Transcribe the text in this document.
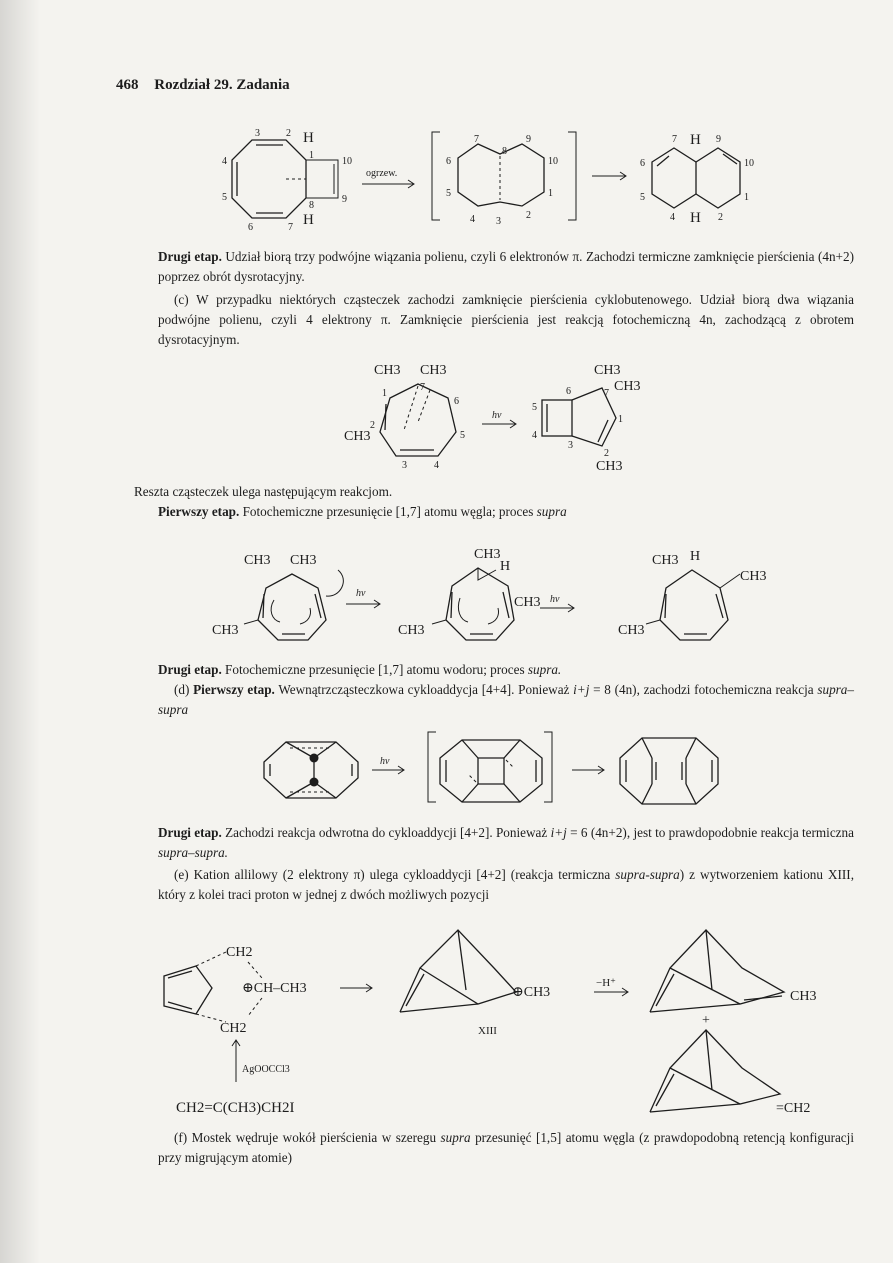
468 Rozdział 29. Zadania
3	2 H
1
10
4
5
6	7
8
9
H
ogrzew.
7	9
8
6	10
5	1
4 3
2
7	9
H
6	10
5	1
4 H 2
Drugi etap. Udział biorą trzy podwójne wiązania polienu, czyli 6 elektronów π. Zachodzi termiczne zamknięcie pierścienia (4n+2) poprzez obrót dysrotacyjny.
(c) W przypadku niektórych cząsteczek zachodzi zamknięcie pierścienia cyklobutenowego. Udział biorą dwa wiązania podwójne polienu, czyli 4 elektrony π. Zamknięcie pierścienia jest reakcją fotochemiczną 4n, zachodzącą z obrotem dysrotacyjnym.
CH3 CH3
CH3
1
7
6
2
5
3	4
hν
CH3
CH3
CH3
6	7
5
1
4
3
2
Reszta cząsteczek ulega następującym reakcjom.
Pierwszy etap. Fotochemiczne przesunięcie [1,7] atomu węgla; proces supra
CH3 CH3
CH3
hν
CH3
H
CH3
CH3
hν
CH3 H
CH3
CH3
Drugi etap. Fotochemiczne przesunięcie [1,7] atomu wodoru; proces supra.
(d) Pierwszy etap. Wewnątrzcząsteczkowa cykloaddycja [4+4]. Ponieważ i+j = 8 (4n), zachodzi fotochemiczna reakcja supra–supra
hν
Drugi etap. Zachodzi reakcja odwrotna do cykloaddycji [4+2]. Ponieważ i+j = 6 (4n+2), jest to prawdopodobnie reakcja termiczna supra–supra.
(e) Kation allilowy (2 elektrony π) ulega cykloaddycji [4+2] (reakcja termiczna supra-supra) z wytworzeniem kationu XIII, który z kolei traci proton w jednej z dwóch możliwych pozycji
CH2
⊕CH–CH3
CH2
AgOOCCl3
CH2=C(CH3)CH2I
⊕CH3
XIII
−H⁺
CH3
+
=CH2
(f) Mostek wędruje wokół pierścienia w szeregu supra przesunięć [1,5] atomu węgla (z prawdopodobną retencją konfiguracji przy migrującym atomie)
